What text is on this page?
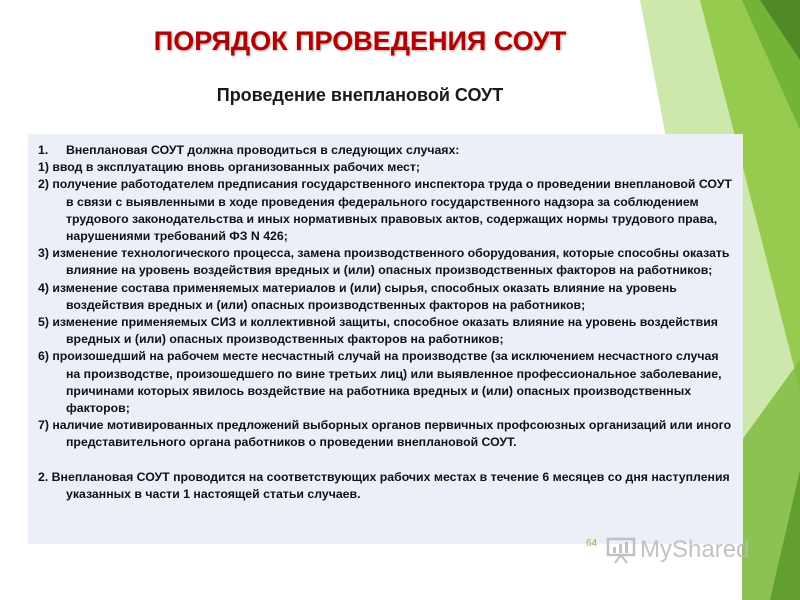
ПОРЯДОК ПРОВЕДЕНИЯ СОУТ
Проведение внеплановой СОУТ

1. Внеплановая СОУТ должна проводиться в следующих случаях:

1) ввод в эксплуатацию вновь организованных рабочих мест;

2) получение работодателем предписания государственного инспектора труда о проведении внеплановой СОУТ в связи с выявленными в ходе проведения федерального государственного надзора за соблюдением трудового законодательства и иных нормативных правовых актов, содержащих нормы трудового права, нарушениями требований ФЗ N 426;

3) изменение технологического процесса, замена производственного оборудования, которые способны оказать влияние на уровень воздействия вредных и (или) опасных производственных факторов на работников;

4) изменение состава применяемых материалов и (или) сырья, способных оказать влияние на уровень воздействия вредных и (или) опасных производственных факторов на работников;

5) изменение применяемых СИЗ и коллективной защиты, способное оказать влияние на уровень воздействия вредных и (или) опасных производственных факторов на работников;

6) произошедший на рабочем месте несчастный случай на производстве (за исключением несчастного случая на производстве, произошедшего по вине третьих лиц) или выявленное профессиональное заболевание, причинами которых явилось воздействие на работника вредных и (или) опасных производственных факторов;

7) наличие мотивированных предложений выборных органов первичных профсоюзных организаций или иного представительного органа работников о проведении внеплановой СОУТ.

2. Внеплановая СОУТ проводится на соответствующих рабочих местах в течение 6 месяцев со дня наступления указанных в части 1 настоящей статьи случаев.

64 MyShared
